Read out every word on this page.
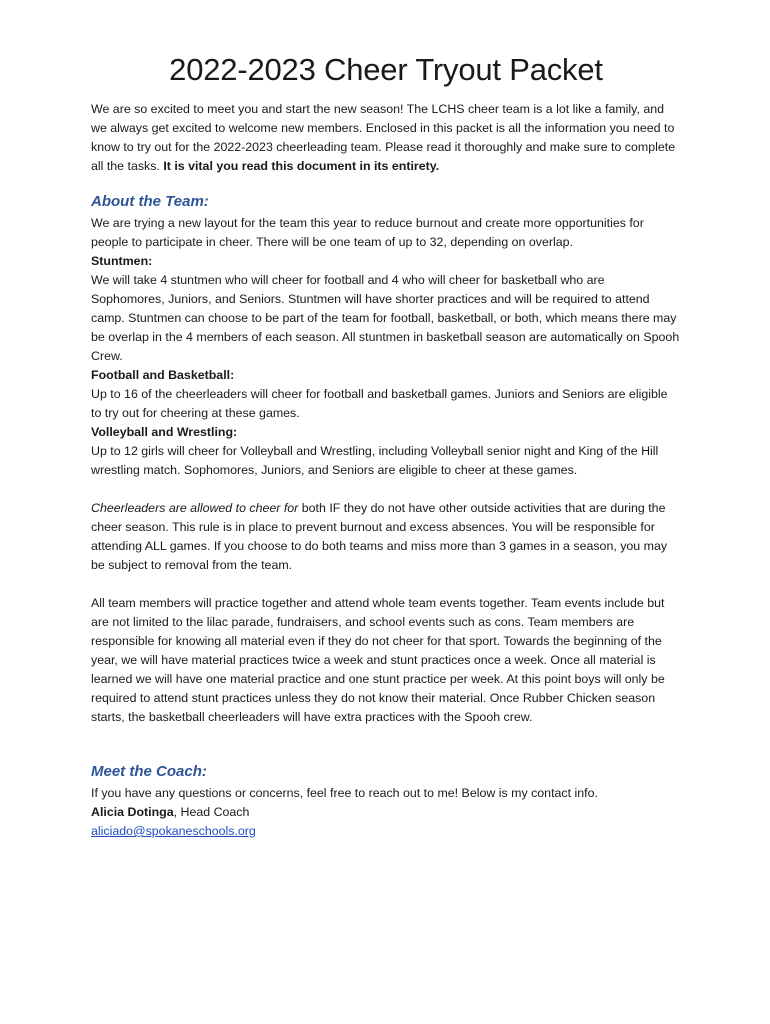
2022-2023 Cheer Tryout Packet

We are so excited to meet you and start the new season! The LCHS cheer team is a lot like a family, and we always get excited to welcome new members. Enclosed in this packet is all the information you need to know to try out for the 2022-2023 cheerleading team. Please read it thoroughly and make sure to complete all the tasks. It is vital you read this document in its entirety.

About the Team:

We are trying a new layout for the team this year to reduce burnout and create more opportunities for people to participate in cheer. There will be one team of up to 32, depending on overlap.

Stuntmen:

We will take 4 stuntmen who will cheer for football and 4 who will cheer for basketball who are Sophomores, Juniors, and Seniors. Stuntmen will have shorter practices and will be required to attend camp. Stuntmen can choose to be part of the team for football, basketball, or both, which means there may be overlap in the 4 members of each season. All stuntmen in basketball season are automatically on Spooh Crew.

Football and Basketball:

Up to 16 of the cheerleaders will cheer for football and basketball games. Juniors and Seniors are eligible to try out for cheering at these games.

Volleyball and Wrestling:

Up to 12 girls will cheer for Volleyball and Wrestling, including Volleyball senior night and King of the Hill wrestling match. Sophomores, Juniors, and Seniors are eligible to cheer at these games.

Cheerleaders are allowed to cheer for both IF they do not have other outside activities that are during the cheer season. This rule is in place to prevent burnout and excess absences. You will be responsible for attending ALL games. If you choose to do both teams and miss more than 3 games in a season, you may be subject to removal from the team.

All team members will practice together and attend whole team events together. Team events include but are not limited to the lilac parade, fundraisers, and school events such as cons. Team members are responsible for knowing all material even if they do not cheer for that sport. Towards the beginning of the year, we will have material practices twice a week and stunt practices once a week. Once all material is learned we will have one material practice and one stunt practice per week. At this point boys will only be required to attend stunt practices unless they do not know their material. Once Rubber Chicken season starts, the basketball cheerleaders will have extra practices with the Spooh crew.

Meet the Coach:

If you have any questions or concerns, feel free to reach out to me! Below is my contact info.

Alicia Dotinga, Head Coach

aliciado@spokaneschools.org
